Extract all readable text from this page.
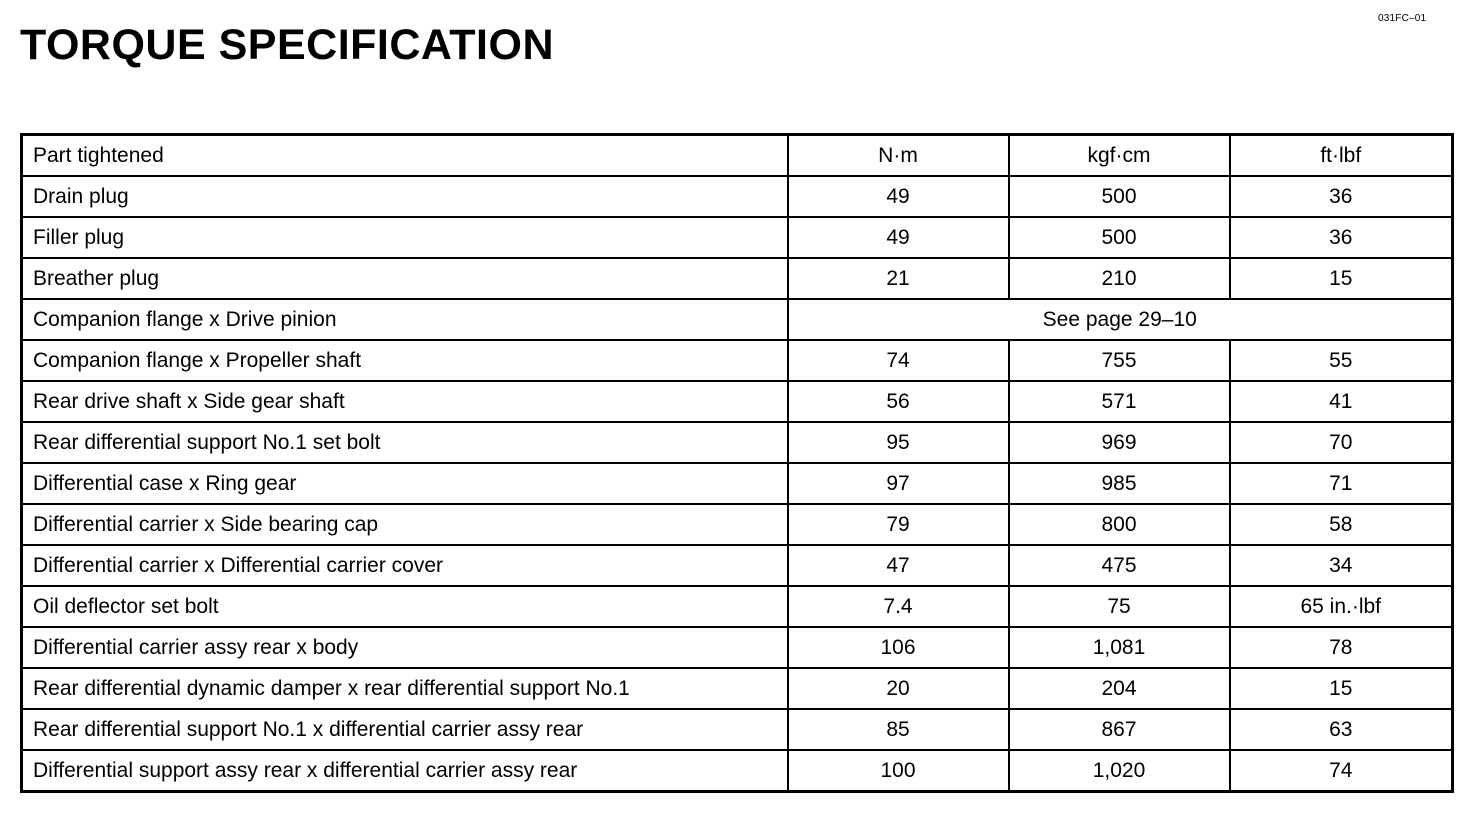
031FC–01
TORQUE SPECIFICATION
Part tightened	N·m	kgf·cm	ft·lbf
Drain plug	49	500	36
Filler plug	49	500	36
Breather plug	21	210	15
Companion flange x Drive pinion	See page 29–10		
Companion flange x Propeller shaft	74	755	55
Rear drive shaft x Side gear shaft	56	571	41
Rear differential support No.1 set bolt	95	969	70
Differential case x Ring gear	97	985	71
Differential carrier x Side bearing cap	79	800	58
Differential carrier x Differential carrier cover	47	475	34
Oil deflector set bolt	7.4	75	65 in.·lbf
Differential carrier assy rear x body	106	1,081	78
Rear differential dynamic damper x rear differential support No.1	20	204	15
Rear differential support No.1 x differential carrier assy rear	85	867	63
Differential support assy rear x differential carrier assy rear	100	1,020	74
